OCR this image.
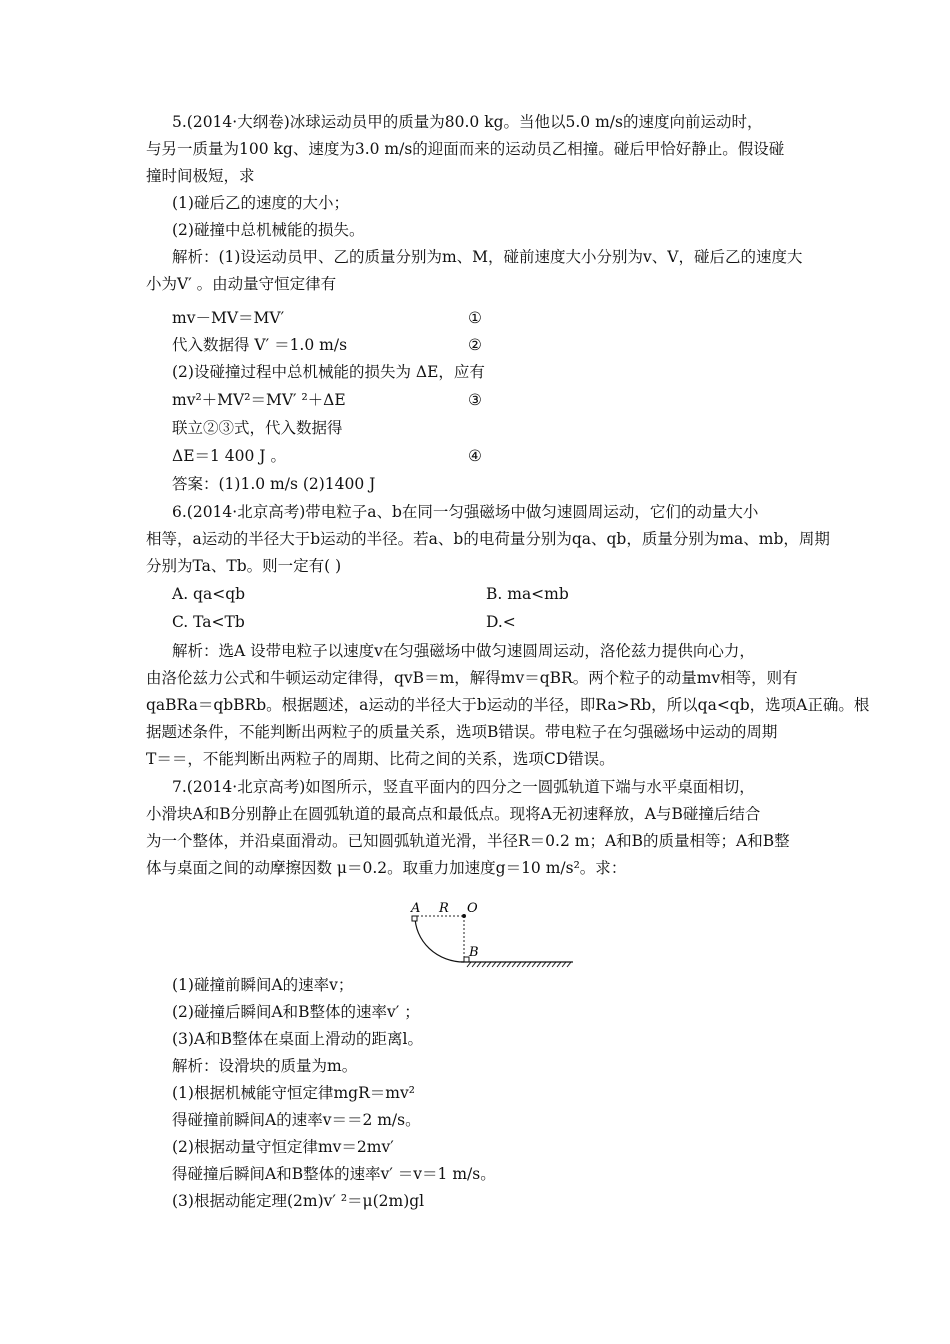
5.(2014·大纲卷)冰球运动员甲的质量为80.0 kg。当他以5.0 m/s的速度向前运动时，
与另一质量为100 kg、速度为3.0 m/s的迎面而来的运动员乙相撞。碰后甲恰好静止。假设碰
撞时间极短，求
(1)碰后乙的速度的大小；
(2)碰撞中总机械能的损失。
解析：(1)设运动员甲、乙的质量分别为m、M，碰前速度大小分别为v、V，碰后乙的速度大
小为V′ 。由动量守恒定律有
mv－MV＝MV′	①
代入数据得 V′ ＝1.0 m/s	②
(2)设碰撞过程中总机械能的损失为 ΔE，应有
mv²＋MV²＝MV′ ²＋ΔE	③
联立②③式，代入数据得
ΔE＝1 400 J 。	④
答案：(1)1.0 m/s (2)1400 J
6.(2014·北京高考)带电粒子a、b在同一匀强磁场中做匀速圆周运动，它们的动量大小
相等，a运动的半径大于b运动的半径。若a、b的电荷量分别为qa、qb，质量分别为ma、mb，周期
分别为Ta、Tb。则一定有( )
A. qa<qb	B. ma<mb
C. Ta<Tb	D.<
解析：选A 设带电粒子以速度v在匀强磁场中做匀速圆周运动，洛伦兹力提供向心力，
由洛伦兹力公式和牛顿运动定律得，qvB＝m，解得mv＝qBR。两个粒子的动量mv相等，则有
qaBRa＝qbBRb。根据题述，a运动的半径大于b运动的半径，即Ra>Rb，所以qa<qb，选项A正确。根
据题述条件，不能判断出两粒子的质量关系，选项B错误。带电粒子在匀强磁场中运动的周期
T＝＝，不能判断出两粒子的周期、比荷之间的关系，选项CD错误。
7.(2014·北京高考)如图所示，竖直平面内的四分之一圆弧轨道下端与水平桌面相切，
小滑块A和B分别静止在圆弧轨道的最高点和最低点。现将A无初速释放，A与B碰撞后结合
为一个整体，并沿桌面滑动。已知圆弧轨道光滑，半径R＝0.2 m；A和B的质量相等；A和B整
体与桌面之间的动摩擦因数 μ＝0.2。取重力加速度g＝10 m/s²。求：
(1)碰撞前瞬间A的速率v；
(2)碰撞后瞬间A和B整体的速率v′ ；
(3)A和B整体在桌面上滑动的距离l。
解析：设滑块的质量为m。
(1)根据机械能守恒定律mgR＝mv²
得碰撞前瞬间A的速率v＝＝2 m/s。
(2)根据动量守恒定律mv＝2mv′
得碰撞后瞬间A和B整体的速率v′ ＝v＝1 m/s。
(3)根据动能定理(2m)v′ ²＝μ(2m)gl
A R O
B
